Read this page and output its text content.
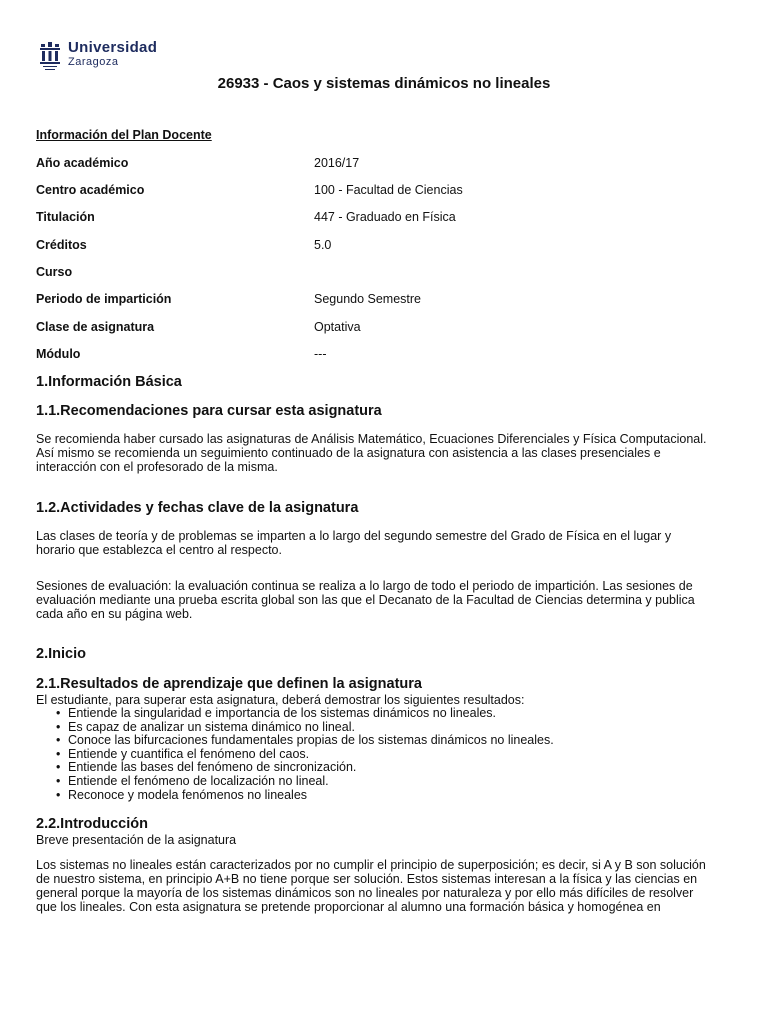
Universidad
Zaragoza
26933 - Caos y sistemas dinámicos no lineales
Información del Plan Docente
Año académico	2016/17
Centro académico	100 - Facultad de Ciencias
Titulación	447 - Graduado en Física
Créditos	5.0
Curso
Periodo de impartición	Segundo Semestre
Clase de asignatura	Optativa
Módulo	---
1.Información Básica
1.1.Recomendaciones para cursar esta asignatura
Se recomienda haber cursado las asignaturas de Análisis Matemático, Ecuaciones Diferenciales y Física Computacional.
Así mismo se recomienda un seguimiento continuado de la asignatura con asistencia a las clases presenciales e
interacción con el profesorado de la misma.
1.2.Actividades y fechas clave de la asignatura
Las clases de teoría y de problemas se imparten a lo largo del segundo semestre del Grado de Física en el lugar y
horario que establezca el centro al respecto.
Sesiones de evaluación: la evaluación continua se realiza a lo largo de todo el periodo de impartición. Las sesiones de
evaluación mediante una prueba escrita global son las que el Decanato de la Facultad de Ciencias determina y publica
cada año en su página web.
2.Inicio
2.1.Resultados de aprendizaje que definen la asignatura
El estudiante, para superar esta asignatura, deberá demostrar los siguientes resultados:
• Entiende la singularidad e importancia de los sistemas dinámicos no lineales.
• Es capaz de analizar un sistema dinámico no lineal.
• Conoce las bifurcaciones fundamentales propias de los sistemas dinámicos no lineales.
• Entiende y cuantifica el fenómeno del caos.
• Entiende las bases del fenómeno de sincronización.
• Entiende el fenómeno de localización no lineal.
• Reconoce y modela fenómenos no lineales
2.2.Introducción
Breve presentación de la asignatura
Los sistemas no lineales están caracterizados por no cumplir el principio de superposición; es decir, si A y B son solución
de nuestro sistema, en principio A+B no tiene porque ser solución. Estos sistemas interesan a la física y las ciencias en
general porque la mayoría de los sistemas dinámicos son no lineales por naturaleza y por ello más difíciles de resolver
que los lineales. Con esta asignatura se pretende proporcionar al alumno una formación básica y homogénea en
